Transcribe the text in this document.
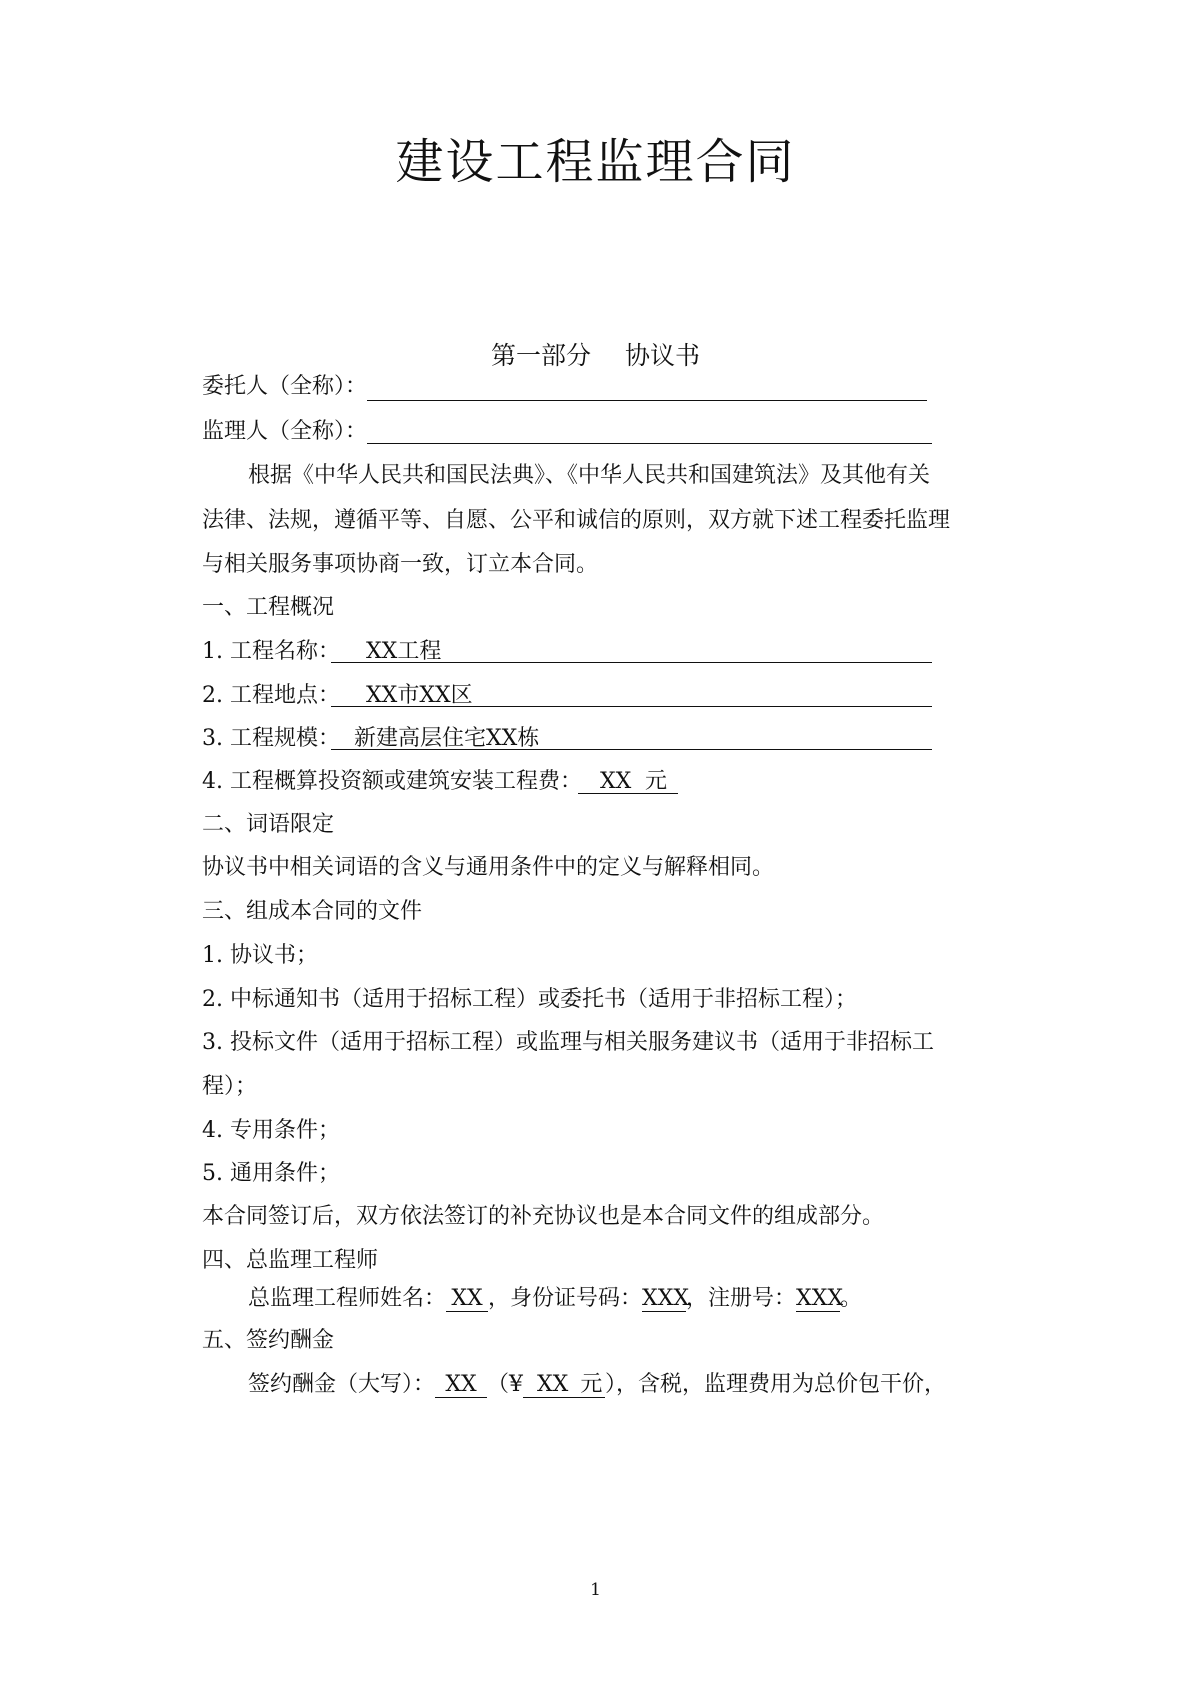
建设工程监理合同
第一部分 协议书
委托人（全称）：
监理人（全称）：
根据《中华人民共和国民法典》、《中华人民共和国建筑法》及其他有关
法律、法规，遵循平等、自愿、公平和诚信的原则，双方就下述工程委托监理
与相关服务事项协商一致，订立本合同。
一、工程概况
1. 工程名称： XX工程
2. 工程地点： XX市XX区
3. 工程规模： 新建高层住宅XX栋
4. 工程概算投资额或建筑安装工程费： XX 元
二、词语限定
协议书中相关词语的含义与通用条件中的定义与解释相同。
三、组成本合同的文件
1. 协议书；
2. 中标通知书（适用于招标工程）或委托书（适用于非招标工程）；
3. 投标文件（适用于招标工程）或监理与相关服务建议书（适用于非招标工
程）；
4. 专用条件；
5. 通用条件；
本合同签订后，双方依法签订的补充协议也是本合同文件的组成部分。
四、总监理工程师
总监理工程师姓名： XX ，身份证号码：XXX，注册号：XXX。
五、签约酬金
签约酬金（大写）： XX （¥ XX 元 ），含税，监理费用为总价包干价，
1
